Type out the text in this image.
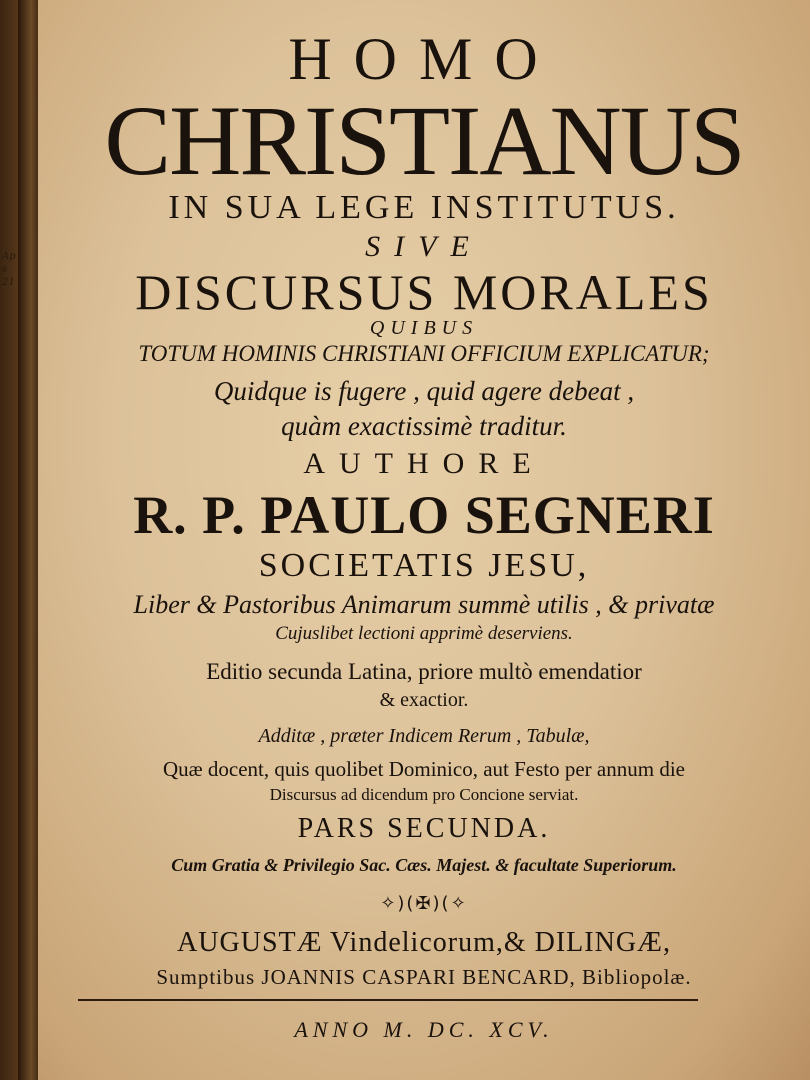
Ap
s
21
HOMO
CHRISTIANUS
IN SUA LEGE INSTITUTUS.
SIVE
DISCURSUS MORALES
QUIBUS
TOTUM HOMINIS CHRISTIANI OFFICIUM EXPLICATUR;
Quidque is fugere , quid agere debeat ,
quàm exactissimè traditur.
AUTHORE
R. P. PAULO SEGNERI
SOCIETATIS JESU,
Liber & Pastoribus Animarum summè utilis , & privatæ
Cujuslibet lectioni apprimè deserviens.
Editio secunda Latina, priore multò emendatior
& exactior.
Additæ , præter Indicem Rerum , Tabulæ,
Quæ docent, quis quolibet Dominico, aut Festo per annum die
Discursus ad dicendum pro Concione serviat.
PARS SECUNDA.
Cum Gratia & Privilegio Sac. Cæs. Majest. & facultate Superiorum.
✧)(✠)(✧
AUGUSTÆ Vindelicorum,& DILINGÆ,
Sumptibus JOANNIS CASPARI BENCARD, Bibliopolæ.
ANNO M. DC. XCV.
